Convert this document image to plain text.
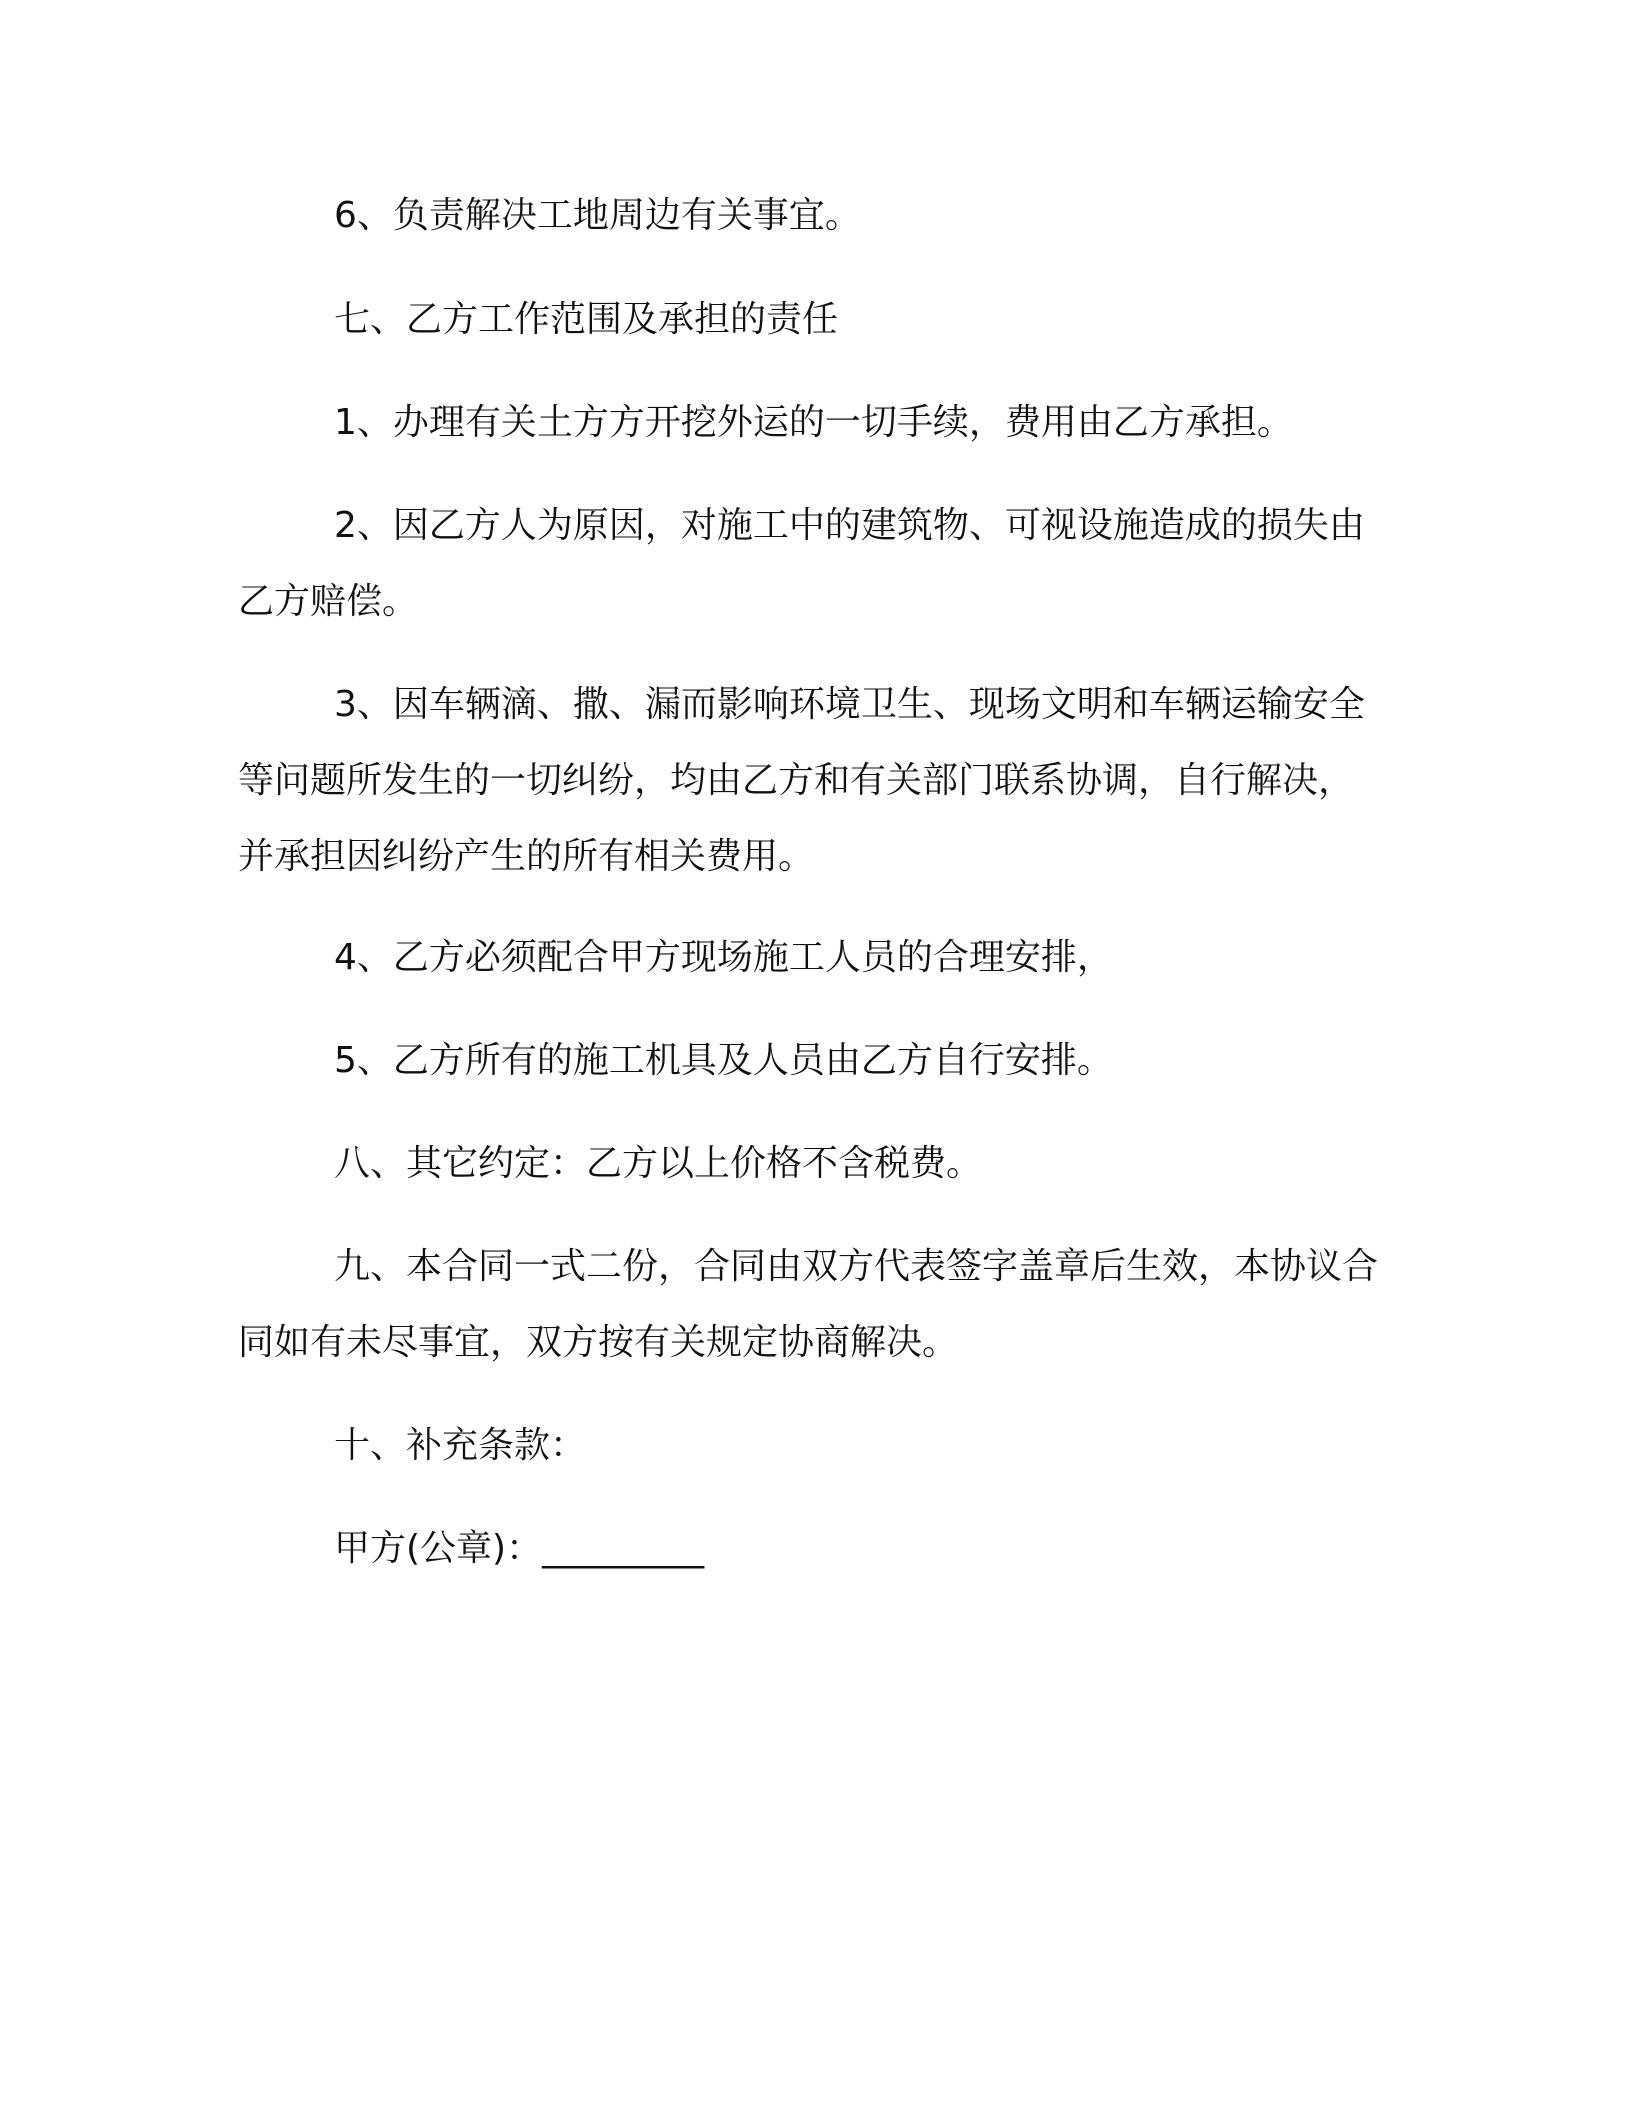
6、负责解决工地周边有关事宜。

七、乙方工作范围及承担的责任

1、办理有关土方方开挖外运的一切手续，费用由乙方承担。

2、因乙方人为原因，对施工中的建筑物、可视设施造成的损失由乙方赔偿。

3、因车辆滴、撒、漏而影响环境卫生、现场文明和车辆运输安全等问题所发生的一切纠纷，均由乙方和有关部门联系协调，自行解决，并承担因纠纷产生的所有相关费用。

4、乙方必须配合甲方现场施工人员的合理安排，

5、乙方所有的施工机具及人员由乙方自行安排。

八、其它约定：乙方以上价格不含税费。

九、本合同一式二份，合同由双方代表签字盖章后生效，本协议合同如有未尽事宜，双方按有关规定协商解决。

十、补充条款：

甲方(公章)：_________
